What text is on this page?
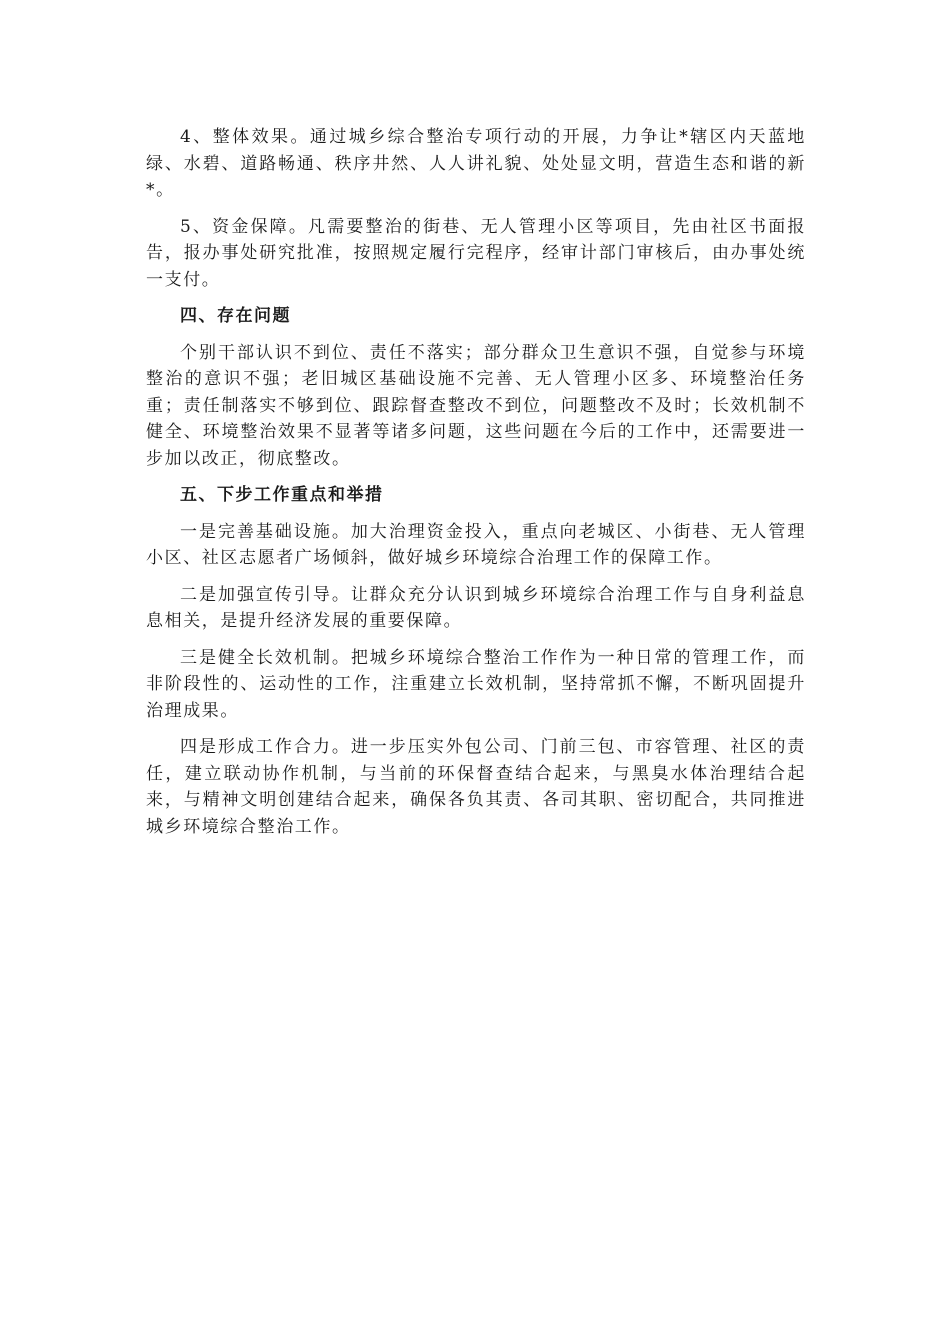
4、整体效果。通过城乡综合整治专项行动的开展，力争让*辖区内天蓝地绿、水碧、道路畅通、秩序井然、人人讲礼貌、处处显文明，营造生态和谐的新*。

5、资金保障。凡需要整治的街巷、无人管理小区等项目，先由社区书面报告，报办事处研究批准，按照规定履行完程序，经审计部门审核后，由办事处统一支付。

四、存在问题

个别干部认识不到位、责任不落实；部分群众卫生意识不强，自觉参与环境整治的意识不强；老旧城区基础设施不完善、无人管理小区多、环境整治任务重；责任制落实不够到位、跟踪督查整改不到位，问题整改不及时；长效机制不健全、环境整治效果不显著等诸多问题，这些问题在今后的工作中，还需要进一步加以改正，彻底整改。

五、下步工作重点和举措

一是完善基础设施。加大治理资金投入，重点向老城区、小街巷、无人管理小区、社区志愿者广场倾斜，做好城乡环境综合治理工作的保障工作。

二是加强宣传引导。让群众充分认识到城乡环境综合治理工作与自身利益息息相关，是提升经济发展的重要保障。

三是健全长效机制。把城乡环境综合整治工作作为一种日常的管理工作，而非阶段性的、运动性的工作，注重建立长效机制，坚持常抓不懈，不断巩固提升治理成果。

四是形成工作合力。进一步压实外包公司、门前三包、市容管理、社区的责任，建立联动协作机制，与当前的环保督查结合起来，与黑臭水体治理结合起来，与精神文明创建结合起来，确保各负其责、各司其职、密切配合，共同推进城乡环境综合整治工作。
